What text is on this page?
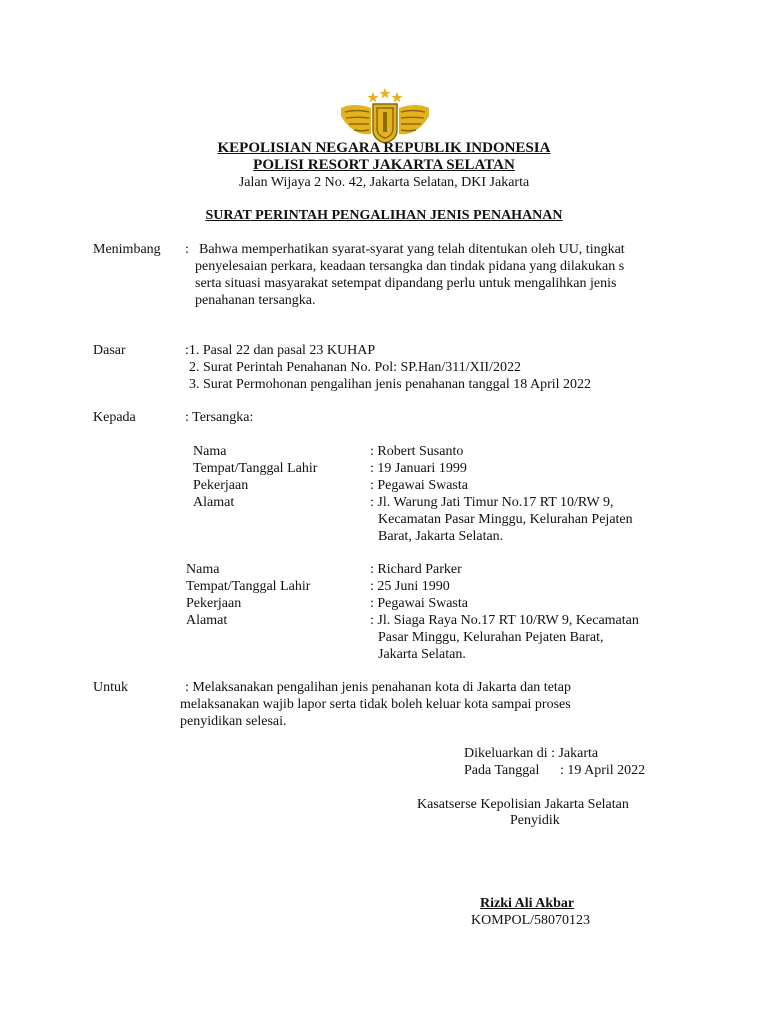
KEPOLISIAN NEGARA REPUBLIK INDONESIA
POLISI RESORT JAKARTA SELATAN
Jalan Wijaya 2 No. 42, Jakarta Selatan, DKI Jakarta
SURAT PERINTAH PENGALIHAN JENIS PENAHANAN
Menimbang : Bahwa memperhatikan syarat-syarat yang telah ditentukan oleh UU, tingkat
penyelesaian perkara, keadaan tersangka dan tindak pidana yang dilakukan s
serta situasi masyarakat setempat dipandang perlu untuk mengalihkan jenis
penahanan tersangka.
Dasar	:1. Pasal 22 dan pasal 23 KUHAP
2. Surat Perintah Penahanan No. Pol: SP.Han/311/XII/2022
3. Surat Permohonan pengalihan jenis penahanan tanggal 18 April 2022
Kepada	: Tersangka:
Nama	: Robert Susanto
Tempat/Tanggal Lahir	: 19 Januari 1999
Pekerjaan	: Pegawai Swasta
Alamat	: Jl. Warung Jati Timur No.17 RT 10/RW 9,
Kecamatan Pasar Minggu, Kelurahan Pejaten
Barat, Jakarta Selatan.
Nama	: Richard Parker
Tempat/Tanggal Lahir	: 25 Juni 1990
Pekerjaan	: Pegawai Swasta
Alamat	: Jl. Siaga Raya No.17 RT 10/RW 9, Kecamatan
Pasar Minggu, Kelurahan Pejaten Barat,
Jakarta Selatan.
Untuk	: Melaksanakan pengalihan jenis penahanan kota di Jakarta dan tetap
melaksanakan wajib lapor serta tidak boleh keluar kota sampai proses
penyidikan selesai.
Dikeluarkan di : Jakarta
Pada Tanggal : 19 April 2022
Kasatserse Kepolisian Jakarta Selatan
Penyidik
Rizki Ali Akbar
KOMPOL/58070123
